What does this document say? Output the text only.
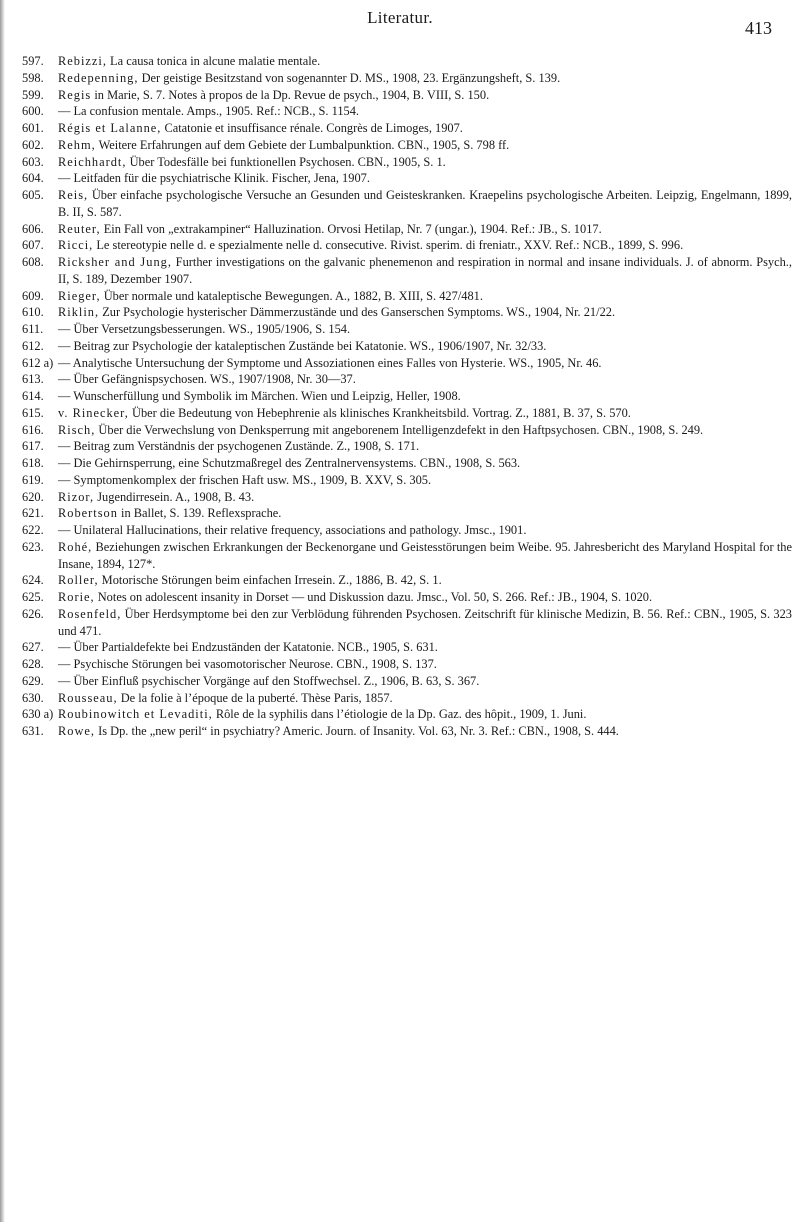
Literatur.
413
597.	Rebizzi, La causa tonica in alcune malatie mentale.
598.	Redepenning, Der geistige Besitzstand von sogenannter D. MS., 1908, 23. Ergänzungsheft, S. 139.
599.	Regis in Marie, S. 7. Notes à propos de la Dp. Revue de psych., 1904, B. VIII, S. 150.
600.	— La confusion mentale. Amps., 1905. Ref.: NCB., S. 1154.
601.	Régis et Lalanne, Catatonie et insuffisance rénale. Congrès de Limoges, 1907.
602.	Rehm, Weitere Erfahrungen auf dem Gebiete der Lumbalpunktion. CBN., 1905, S. 798 ff.
603.	Reichhardt, Über Todesfälle bei funktionellen Psychosen. CBN., 1905, S. 1.
604.	— Leitfaden für die psychiatrische Klinik. Fischer, Jena, 1907.
605.	Reis, Über einfache psychologische Versuche an Gesunden und Geisteskranken. Kraepelins psychologische Arbeiten. Leipzig, Engelmann, 1899, B. II, S. 587.
606.	Reuter, Ein Fall von „extrakampiner“ Halluzination. Orvosi Hetilap, Nr. 7 (ungar.), 1904. Ref.: JB., S. 1017.
607.	Ricci, Le stereotypie nelle d. e spezialmente nelle d. consecutive. Rivist. sperim. di freniatr., XXV. Ref.: NCB., 1899, S. 996.
608.	Ricksher and Jung, Further investigations on the galvanic phenemenon and respiration in normal and insane individuals. J. of abnorm. Psych., II, S. 189, Dezember 1907.
609.	Rieger, Über normale und kataleptische Bewegungen. A., 1882, B. XIII, S. 427/481.
610.	Riklin, Zur Psychologie hysterischer Dämmerzustände und des Ganserschen Symptoms. WS., 1904, Nr. 21/22.
611.	— Über Versetzungsbesserungen. WS., 1905/1906, S. 154.
612.	— Beitrag zur Psychologie der kataleptischen Zustände bei Katatonie. WS., 1906/1907, Nr. 32/33.
612 a) — Analytische Untersuchung der Symptome und Assoziationen eines Falles von Hysterie. WS., 1905, Nr. 46.
613.	— Über Gefängnispsychosen. WS., 1907/1908, Nr. 30—37.
614.	— Wunscherfüllung und Symbolik im Märchen. Wien und Leipzig, Heller, 1908.
615.	v. Rinecker, Über die Bedeutung von Hebephrenie als klinisches Krankheitsbild. Vortrag. Z., 1881, B. 37, S. 570.
616.	Risch, Über die Verwechslung von Denksperrung mit angeborenem Intelligenzdefekt in den Haftpsychosen. CBN., 1908, S. 249.
617.	— Beitrag zum Verständnis der psychogenen Zustände. Z., 1908, S. 171.
618.	— Die Gehirnsperrung, eine Schutzmaßregel des Zentralnervensystems. CBN., 1908, S. 563.
619.	— Symptomenkomplex der frischen Haft usw. MS., 1909, B. XXV, S. 305.
620.	Rizor, Jugendirresein. A., 1908, B. 43.
621.	Robertson in Ballet, S. 139. Reflexsprache.
622.	— Unilateral Hallucinations, their relative frequency, associations and pathology. Jmsc., 1901.
623.	Rohé, Beziehungen zwischen Erkrankungen der Beckenorgane und Geistesstörungen beim Weibe. 95. Jahresbericht des Maryland Hospital for the Insane, 1894, 127*.
624.	Roller, Motorische Störungen beim einfachen Irresein. Z., 1886, B. 42, S. 1.
625.	Rorie, Notes on adolescent insanity in Dorset — und Diskussion dazu. Jmsc., Vol. 50, S. 266. Ref.: JB., 1904, S. 1020.
626.	Rosenfeld, Über Herdsymptome bei den zur Verblödung führenden Psychosen. Zeitschrift für klinische Medizin, B. 56. Ref.: CBN., 1905, S. 323 und 471.
627.	— Über Partialdefekte bei Endzuständen der Katatonie. NCB., 1905, S. 631.
628.	— Psychische Störungen bei vasomotorischer Neurose. CBN., 1908, S. 137.
629.	— Über Einfluß psychischer Vorgänge auf den Stoffwechsel. Z., 1906, B. 63, S. 367.
630.	Rousseau, De la folie à l’époque de la puberté. Thèse Paris, 1857.
630 a) Roubinowitch et Levaditi, Rôle de la syphilis dans l’étiologie de la Dp. Gaz. des hôpit., 1909, 1. Juni.
631.	Rowe, Is Dp. the „new peril“ in psychiatry? Americ. Journ. of Insanity. Vol. 63, Nr. 3. Ref.: CBN., 1908, S. 444.
